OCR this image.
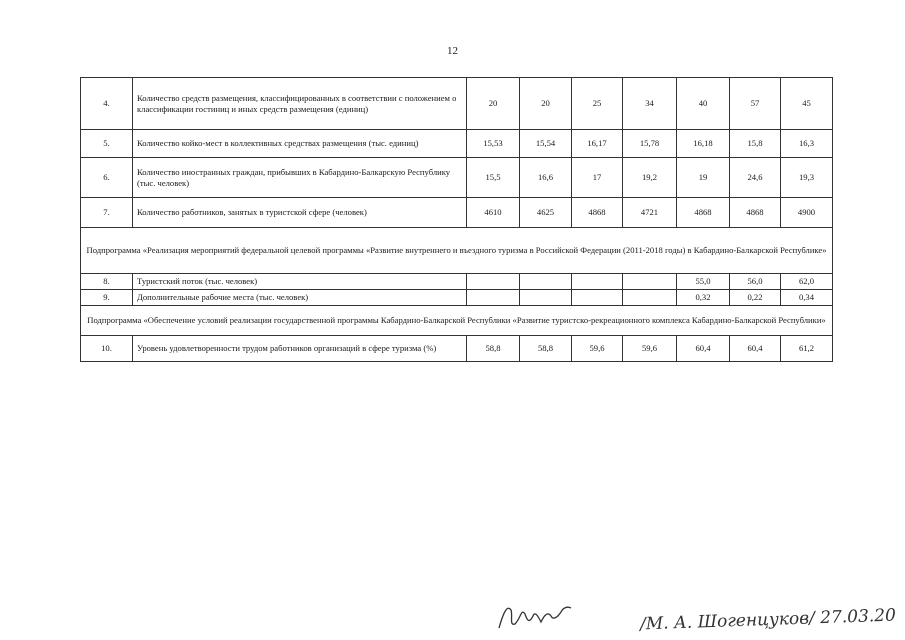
12
4.	Количество средств размещения, классифицированных в соответствии с положением о классификации гостиниц и иных средств размещения (единиц)	20	20	25	34	40	57	45
5.	Количество койко-мест в коллективных средствах размещения (тыс. единиц)	15,53	15,54	16,17	15,78	16,18	15,8	16,3
6.	Количество иностранных граждан, прибывших в Кабардино-Балкарскую Республику (тыс. человек)	15,5	16,6	17	19,2	19	24,6	19,3
7.	Количество работников, занятых в туристской сфере (человек)	4610	4625	4868	4721	4868	4868	4900
Подпрограмма «Реализация мероприятий федеральной целевой программы «Развитие внутреннего и въездного туризма в Российской Федерации (2011-2018 годы) в Кабардино-Балкарской Республике»								
8.	Туристский поток (тыс. человек)					55,0	56,0	62,0
9.	Дополнительные рабочие места (тыс. человек)					0,32	0,22	0,34
Подпрограмма «Обеспечение условий реализации государственной программы Кабардино-Балкарской Республики «Развитие туристско-рекреационного комплекса Кабардино-Балкарской Республики»								
10.	Уровень удовлетворенности трудом работников организаций в сфере туризма (%)	58,8	58,8	59,6	59,6	60,4	60,4	61,2
/М. А. Шогенцуков/ 27.03.20
